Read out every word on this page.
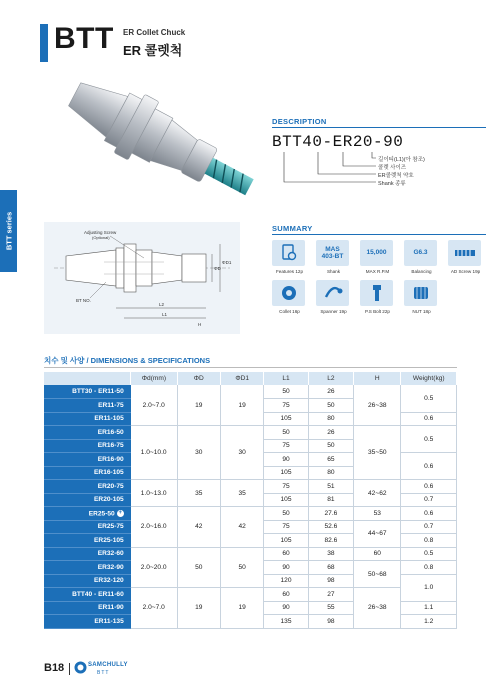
BTT ER Collet Chuck
ER 콜렛척
BTT series
DESCRIPTION
BTT40-ER20-90
길이티(L1)(아 참조)
콜렛 사이즈
ER콜렛척 약호
Shank 종류
Adjusting Screw
(Optional)
BT NO.
L2
L1
ΦD
ΦD1
H
SUMMARY
Features 12p
MAS
403-BT
Shank
15,000
MAX R.P.M
G6.3
Balancing	AD Screw 19p
Collet 16p	Spanner 19p	P.S Bolt 22p	NUT 18p
치수 및 사양 / DIMENSIONS & SPECIFICATIONS
	Φd(mm)	ΦD	ΦD1	L1	L2	H	Weight(kg)
BTT30 - ER11-50	2.0~7.0	19	19	50	26	26~38	0.5
ER11-75				75	50		
ER11-105				105	80		0.6
ER16-50	1.0~10.0	30	30	50	26	35~50	0.5
ER16-75				75	50		
ER16-90				90	65		0.6
ER16-105				105	80		
ER20-75	1.0~13.0	35	35	75	51	42~62	0.6
ER20-105				105	81		0.7
ER25-50 +	2.0~16.0	42	42	50	27.6	53	0.6
ER25-75				75	52.6	44~67	0.7
ER25-105				105	82.6		0.8
ER32-60	2.0~20.0	50	50	60	38	60	0.5
ER32-90				90	68	50~68	0.8
ER32-120				120	98		1.0
BTT40 - ER11-60	2.0~7.0	19	19	60	27	26~38	
ER11-90				90	55		1.1
ER11-135				135	98		1.2
B18	SAMCHULLY
BTT
